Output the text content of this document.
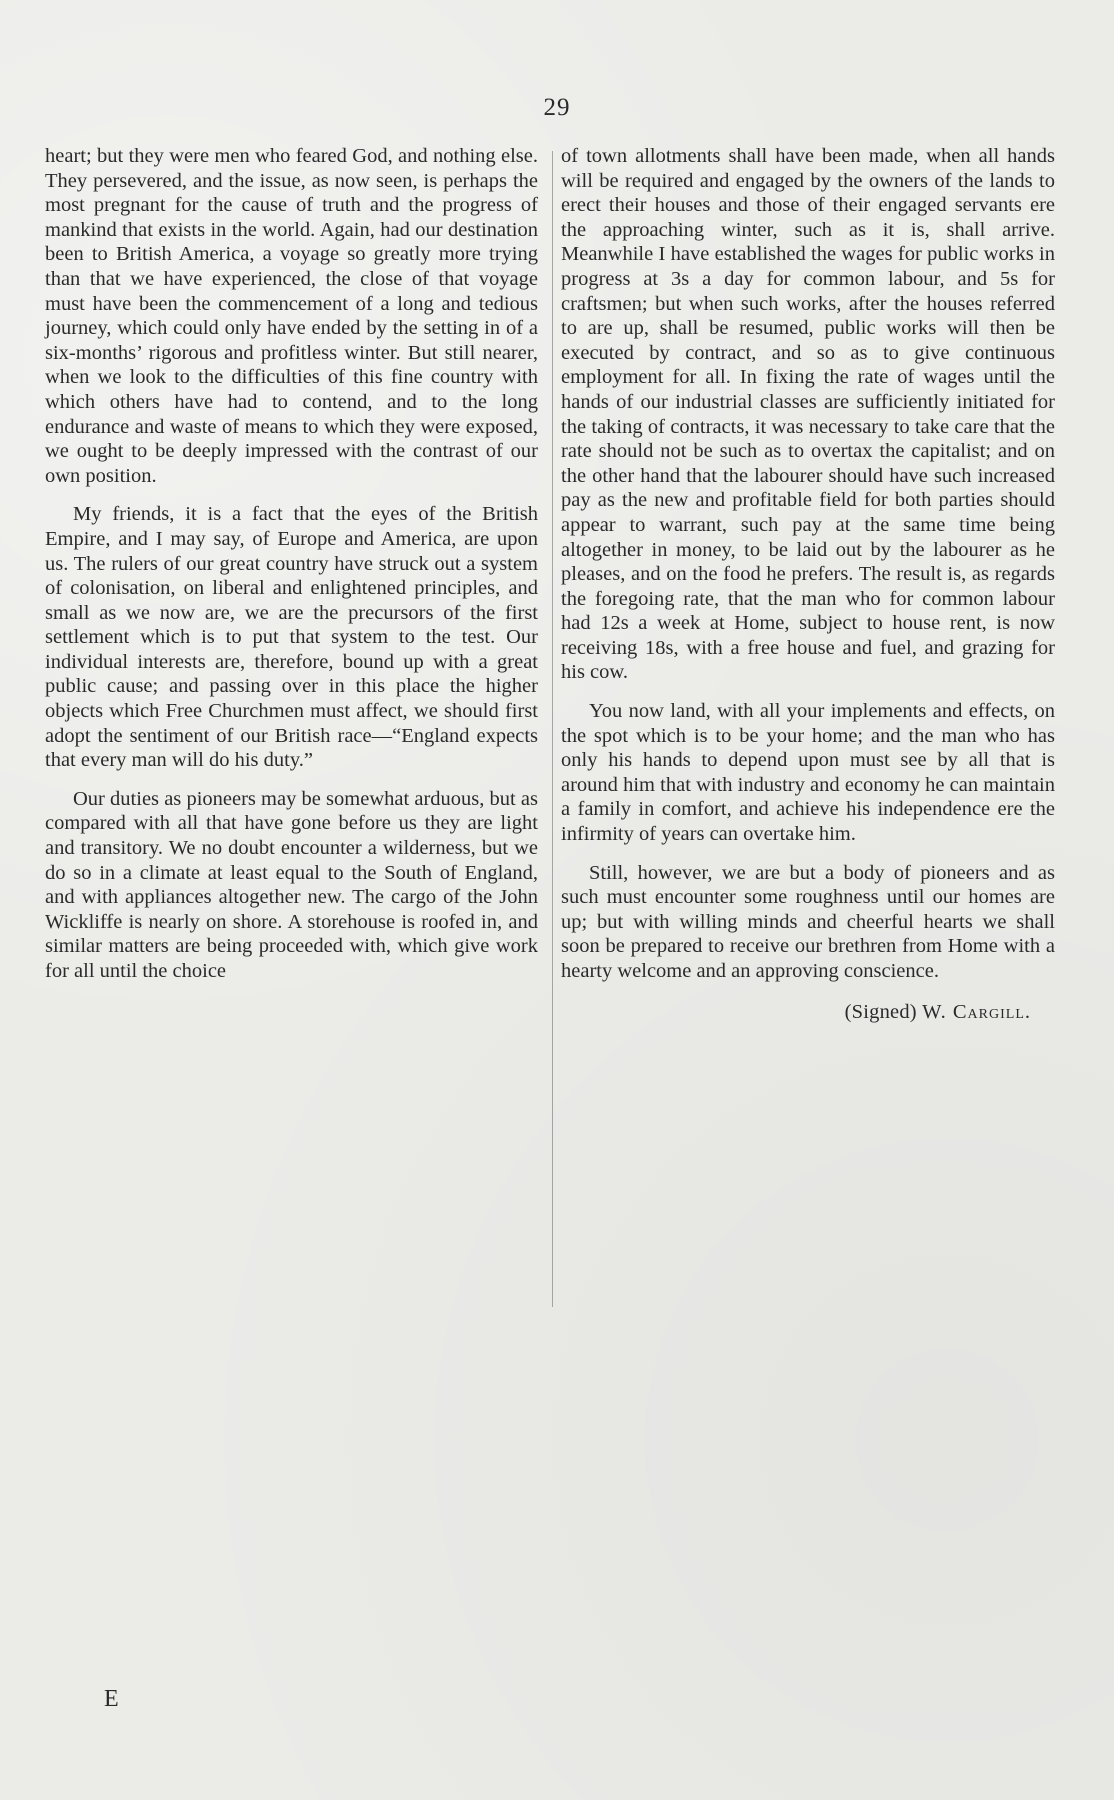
29

heart; but they were men who feared God, and nothing else. They persevered, and the issue, as now seen, is perhaps the most pregnant for the cause of truth and the progress of mankind that exists in the world. Again, had our destination been to British America, a voyage so greatly more trying than that we have experienced, the close of that voyage must have been the commencement of a long and tedious journey, which could only have ended by the setting in of a six-months’ rigorous and profitless winter. But still nearer, when we look to the difficulties of this fine country with which others have had to contend, and to the long endurance and waste of means to which they were exposed, we ought to be deeply impressed with the contrast of our own position.

My friends, it is a fact that the eyes of the British Empire, and I may say, of Europe and America, are upon us. The rulers of our great country have struck out a system of colonisation, on liberal and enlightened principles, and small as we now are, we are the precursors of the first settlement which is to put that system to the test. Our individual interests are, therefore, bound up with a great public cause; and passing over in this place the higher objects which Free Churchmen must affect, we should first adopt the sentiment of our British race—“England expects that every man will do his duty.”

Our duties as pioneers may be somewhat arduous, but as compared with all that have gone before us they are light and transitory. We no doubt encounter a wilderness, but we do so in a climate at least equal to the South of England, and with appliances altogether new. The cargo of the John Wickliffe is nearly on shore. A storehouse is roofed in, and similar matters are being proceeded with, which give work for all until the choice

of town allotments shall have been made, when all hands will be required and engaged by the owners of the lands to erect their houses and those of their engaged servants ere the approaching winter, such as it is, shall arrive. Meanwhile I have established the wages for public works in progress at 3s a day for common labour, and 5s for craftsmen; but when such works, after the houses referred to are up, shall be resumed, public works will then be executed by contract, and so as to give continuous employment for all. In fixing the rate of wages until the hands of our industrial classes are sufficiently initiated for the taking of contracts, it was necessary to take care that the rate should not be such as to overtax the capitalist; and on the other hand that the labourer should have such increased pay as the new and profitable field for both parties should appear to warrant, such pay at the same time being altogether in money, to be laid out by the labourer as he pleases, and on the food he prefers. The result is, as regards the foregoing rate, that the man who for common labour had 12s a week at Home, subject to house rent, is now receiving 18s, with a free house and fuel, and grazing for his cow.

You now land, with all your implements and effects, on the spot which is to be your home; and the man who has only his hands to depend upon must see by all that is around him that with industry and economy he can maintain a family in comfort, and achieve his independence ere the infirmity of years can overtake him.

Still, however, we are but a body of pioneers and as such must encounter some roughness until our homes are up; but with willing minds and cheerful hearts we shall soon be prepared to receive our brethren from Home with a hearty welcome and an approving conscience.

(Signed) W. Cargill.
E
